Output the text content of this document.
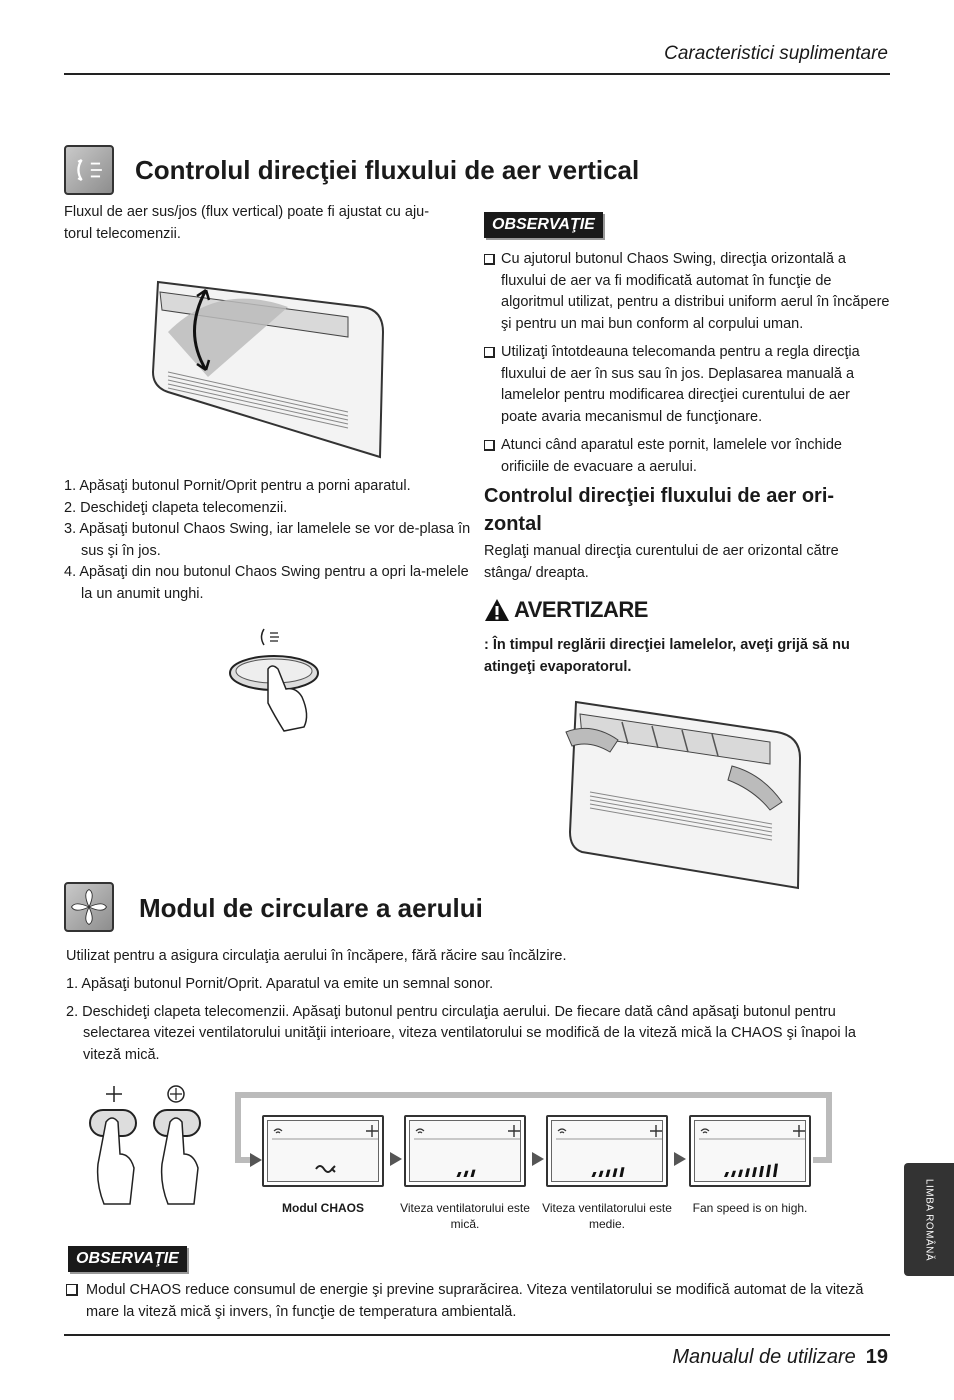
Caracteristici suplimentare
Controlul direcţiei fluxului de aer vertical
Fluxul de aer sus/jos (flux vertical) poate fi ajustat cu aju-
torul telecomenzii.
1. Apăsaţi butonul Pornit/Oprit pentru a porni aparatul.
2. Deschideţi clapeta telecomenzii.
3. Apăsaţi butonul Chaos Swing, iar lamelele se vor de-plasa în sus şi în jos.
4. Apăsaţi din nou butonul Chaos Swing pentru a opri la-melele la un anumit unghi.
OBSERVAŢIE
Cu ajutorul butonul Chaos Swing, direcţia orizontală a fluxului de aer va fi modificată automat în funcţie de algoritmul utilizat, pentru a distribui uniform aerul în încăpere şi pentru un mai bun conform al corpului uman.
Utilizaţi întotdeauna telecomanda pentru a regla direcţia fluxului de aer în sus sau în jos. Deplasarea manuală a lamelelor pentru modificarea direcţiei curentului de aer poate avaria mecanismul de funcţionare.
Atunci când aparatul este pornit, lamelele vor închide orificiile de evacuare a aerului.
Controlul direcţiei fluxului de aer ori-zontal
Reglaţi manual direcţia curentului de aer orizontal către stânga/ dreapta.
AVERTIZARE
: În timpul reglării direcţiei lamelelor, aveţi grijă să nu atingeţi evaporatorul.
Modul de circulare a aerului
Utilizat pentru a asigura circulaţia aerului în încăpere, fără răcire sau încălzire.
1. Apăsaţi butonul Pornit/Oprit. Aparatul va emite un semnal sonor.
2. Deschideţi clapeta telecomenzii. Apăsaţi butonul pentru circulaţia aerului. De fiecare dată când apăsaţi butonul pentru selectarea vitezei ventilatorului unităţii interioare, viteza ventilatorului se modifică de la viteză mică la CHAOS şi înapoi la viteză mică.
Modul CHAOS	Viteza ventilatorului este mică.
Viteza ventilatorului este medie.
Fan speed is on high.
OBSERVAŢIE
Modul CHAOS reduce consumul de energie şi previne suprarăcirea. Viteza ventilatorului se modifică automat de la viteză mare la viteză mică şi invers, în funcţie de temperatura ambientală.
LIMBA ROMÂNĂ
Manualul de utilizare 19
